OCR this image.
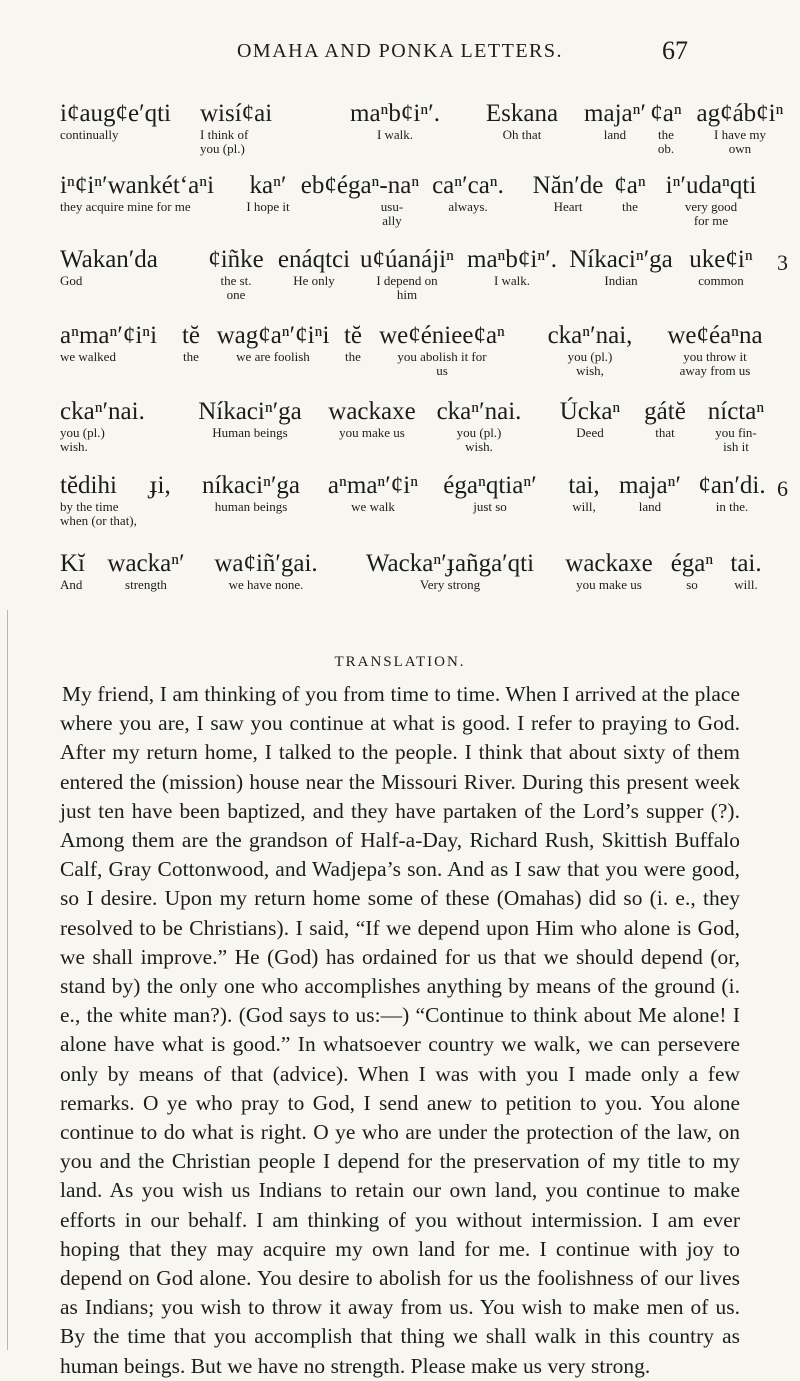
OMAHA AND PONKA LETTERS.	67
iȼaugȼe′qti
continually
wisíȼai
I think of
you (pl.)
maⁿbȼiⁿ′.
I walk.
Eskana
Oh that
majaⁿ′
land
ȼaⁿ
the
ob.
agȼábȼiⁿ
I have my
own
iⁿȼiⁿ′wankét‘aⁿi
they acquire mine for me
kaⁿ′
I hope it
ebȼégaⁿ-naⁿ
usu-
ally
caⁿ′caⁿ.
always.
Năn′de
Heart
ȼaⁿ
the
iⁿ′udaⁿqti
very good
for me
Wakan′da
God
ȼiñke
the st.
one
enáqtci
He only
uȼúanájiⁿ
I depend on
him
maⁿbȼiⁿ′.
I walk.
Níkaciⁿ′ga
Indian
ukeȼiⁿ
common
3
aⁿmaⁿ′ȼiⁿi
we walked
tĕ
the
wagȼaⁿ′ȼiⁿi
we are foolish
tĕ
the
weȼénieeȼaⁿ
you abolish it for
us
ckaⁿ′nai,
you (pl.)
wish,
weȼéaⁿna
you throw it
away from us
ckaⁿ′nai.
you (pl.)
wish.
Níkaciⁿ′ga
Human beings
wackaxe
you make us
ckaⁿ′nai.
you (pl.)
wish.
Úckaⁿ
Deed
gátĕ
that
níctaⁿ
you fin-
ish it
tĕdihi
by the time
when (or that),
ɟi,	níkaciⁿ′ga
human beings
aⁿmaⁿ′ȼiⁿ
we walk
égaⁿqtiaⁿ′
just so
tai,
will,
majaⁿ′
land
ȼan′di.
in the.
6
Kĭ
And
wackaⁿ′
strength
waȼiñ′gai.
we have none.
Wackaⁿ′ɟañga′qti
Very strong
wackaxe
you make us
égaⁿ
so
tai.
will.
TRANSLATION.
My friend, I am thinking of you from time to time. When I arrived at the place where you are, I saw you continue at what is good. I refer to praying to God. After my return home, I talked to the people. I think that about sixty of them entered the (mission) house near the Missouri River. During this present week just ten have been baptized, and they have partaken of the Lord’s supper (?). Among them are the grandson of Half-a-Day, Richard Rush, Skittish Buffalo Calf, Gray Cottonwood, and Wadjepa’s son. And as I saw that you were good, so I desire. Upon my return home some of these (Omahas) did so (i. e., they resolved to be Christians). I said, “If we depend upon Him who alone is God, we shall improve.” He (God) has ordained for us that we should depend (or, stand by) the only one who accomplishes anything by means of the ground (i. e., the white man?). (God says to us:—) “Continue to think about Me alone! I alone have what is good.” In whatsoever country we walk, we can persevere only by means of that (advice). When I was with you I made only a few remarks. O ye who pray to God, I send anew to petition to you. You alone continue to do what is right. O ye who are under the protection of the law, on you and the Christian people I depend for the preservation of my title to my land. As you wish us Indians to retain our own land, you continue to make efforts in our behalf. I am thinking of you without intermission. I am ever hoping that they may acquire my own land for me. I continue with joy to depend on God alone. You desire to abolish for us the foolishness of our lives as Indians; you wish to throw it away from us. You wish to make men of us. By the time that you accomplish that thing we shall walk in this country as human beings. But we have no strength. Please make us very strong.
